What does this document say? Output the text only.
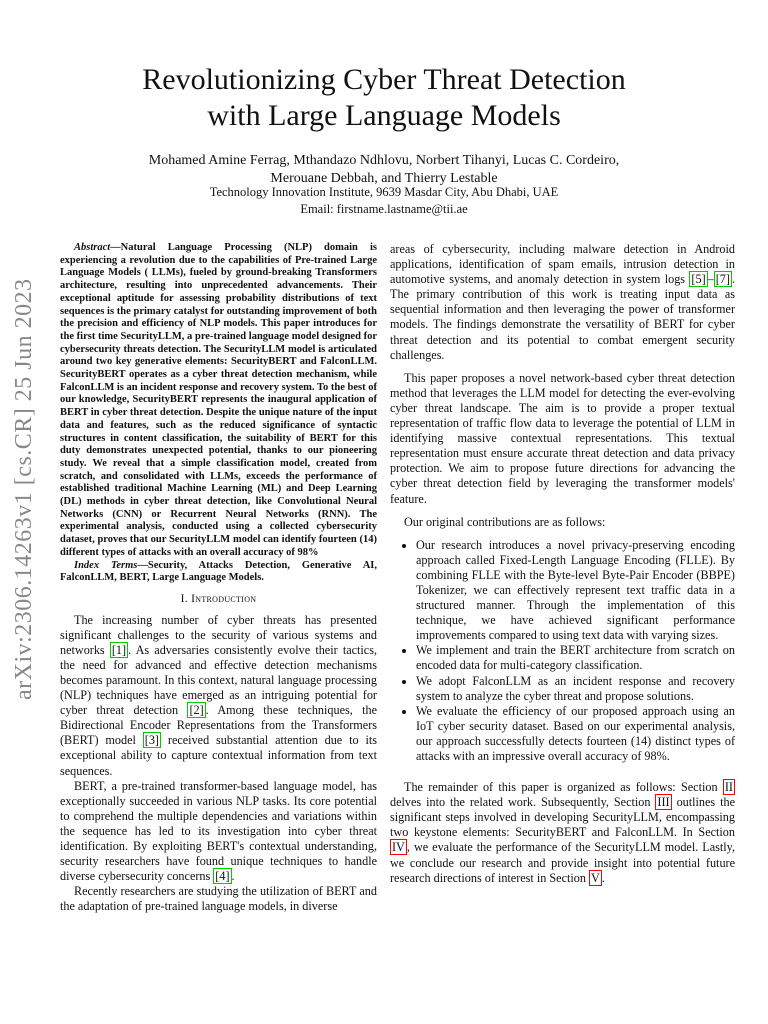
arXiv:2306.14263v1 [cs.CR] 25 Jun 2023
Revolutionizing Cyber Threat Detection
with Large Language Models
Mohamed Amine Ferrag, Mthandazo Ndhlovu, Norbert Tihanyi, Lucas C. Cordeiro,
Merouane Debbah, and Thierry Lestable
Technology Innovation Institute, 9639 Masdar City, Abu Dhabi, UAE
Email: firstname.lastname@tii.ae

Abstract—Natural Language Processing (NLP) domain is experiencing a revolution due to the capabilities of Pre-trained Large Language Models ( LLMs), fueled by ground-breaking Transformers architecture, resulting into unprecedented advancements. Their exceptional aptitude for assessing probability distributions of text sequences is the primary catalyst for outstanding improvement of both the precision and efficiency of NLP models. This paper introduces for the first time SecurityLLM, a pre-trained language model designed for cybersecurity threats detection. The SecurityLLM model is articulated around two key generative elements: SecurityBERT and FalconLLM. SecurityBERT operates as a cyber threat detection mechanism, while FalconLLM is an incident response and recovery system. To the best of our knowledge, SecurityBERT represents the inaugural application of BERT in cyber threat detection. Despite the unique nature of the input data and features, such as the reduced significance of syntactic structures in content classification, the suitability of BERT for this duty demonstrates unexpected potential, thanks to our pioneering study. We reveal that a simple classification model, created from scratch, and consolidated with LLMs, exceeds the performance of established traditional Machine Learning (ML) and Deep Learning (DL) methods in cyber threat detection, like Convolutional Neural Networks (CNN) or Recurrent Neural Networks (RNN). The experimental analysis, conducted using a collected cybersecurity dataset, proves that our SecurityLLM model can identify fourteen (14) different types of attacks with an overall accuracy of 98%

Index Terms—Security, Attacks Detection, Generative AI, FalconLLM, BERT, Large Language Models.

I. Introduction

The increasing number of cyber threats has presented significant challenges to the security of various systems and networks [1] . As adversaries consistently evolve their tactics, the need for advanced and effective detection mechanisms becomes paramount. In this context, natural language processing (NLP) techniques have emerged as an intriguing potential for cyber threat detection [2] . Among these techniques, the Bidirectional Encoder Representations from the Transformers (BERT) model [3] received substantial attention due to its exceptional ability to capture contextual information from text sequences.

BERT, a pre-trained transformer-based language model, has exceptionally succeeded in various NLP tasks. Its core potential to comprehend the multiple dependencies and variations within the sequence has led to its investigation into cyber threat identification. By exploiting BERT's contextual understanding, security researchers have found unique techniques to handle diverse cybersecurity concerns [4] .

Recently researchers are studying the utilization of BERT and the adaptation of pre-trained language models, in diverse

areas of cybersecurity, including malware detection in Android applications, identification of spam emails, intrusion detection in automotive systems, and anomaly detection in system logs [5] – [7] . The primary contribution of this work is treating input data as sequential information and then leveraging the power of transformer models. The findings demonstrate the versatility of BERT for cyber threat detection and its potential to combat emergent security challenges.

This paper proposes a novel network-based cyber threat detection method that leverages the LLM model for detecting the ever-evolving cyber threat landscape. The aim is to provide a proper textual representation of traffic flow data to leverage the potential of LLM in identifying massive contextual representations. This textual representation must ensure accurate threat detection and data privacy protection. We aim to propose future directions for advancing the cyber threat detection field by leveraging the transformer models' feature.

Our original contributions are as follows:

• Our research introduces a novel privacy-preserving encoding approach called Fixed-Length Language Encoding (FLLE). By combining FLLE with the Byte-level Byte-Pair Encoder (BBPE) Tokenizer, we can effectively represent text traffic data in a structured manner. Through the implementation of this technique, we have achieved significant performance improvements compared to using text data with varying sizes.
• We implement and train the BERT architecture from scratch on encoded data for multi-category classification.
• We adopt FalconLLM as an incident response and recovery system to analyze the cyber threat and propose solutions.
• We evaluate the efficiency of our proposed approach using an IoT cyber security dataset. Based on our experimental analysis, our approach successfully detects fourteen (14) distinct types of attacks with an impressive overall accuracy of 98%.

The remainder of this paper is organized as follows: Section II delves into the related work. Subsequently, Section III outlines the significant steps involved in developing SecurityLLM, encompassing two keystone elements: SecurityBERT and FalconLLM. In Section IV , we evaluate the performance of the SecurityLLM model. Lastly, we conclude our research and provide insight into potential future research directions of interest in Section V .
